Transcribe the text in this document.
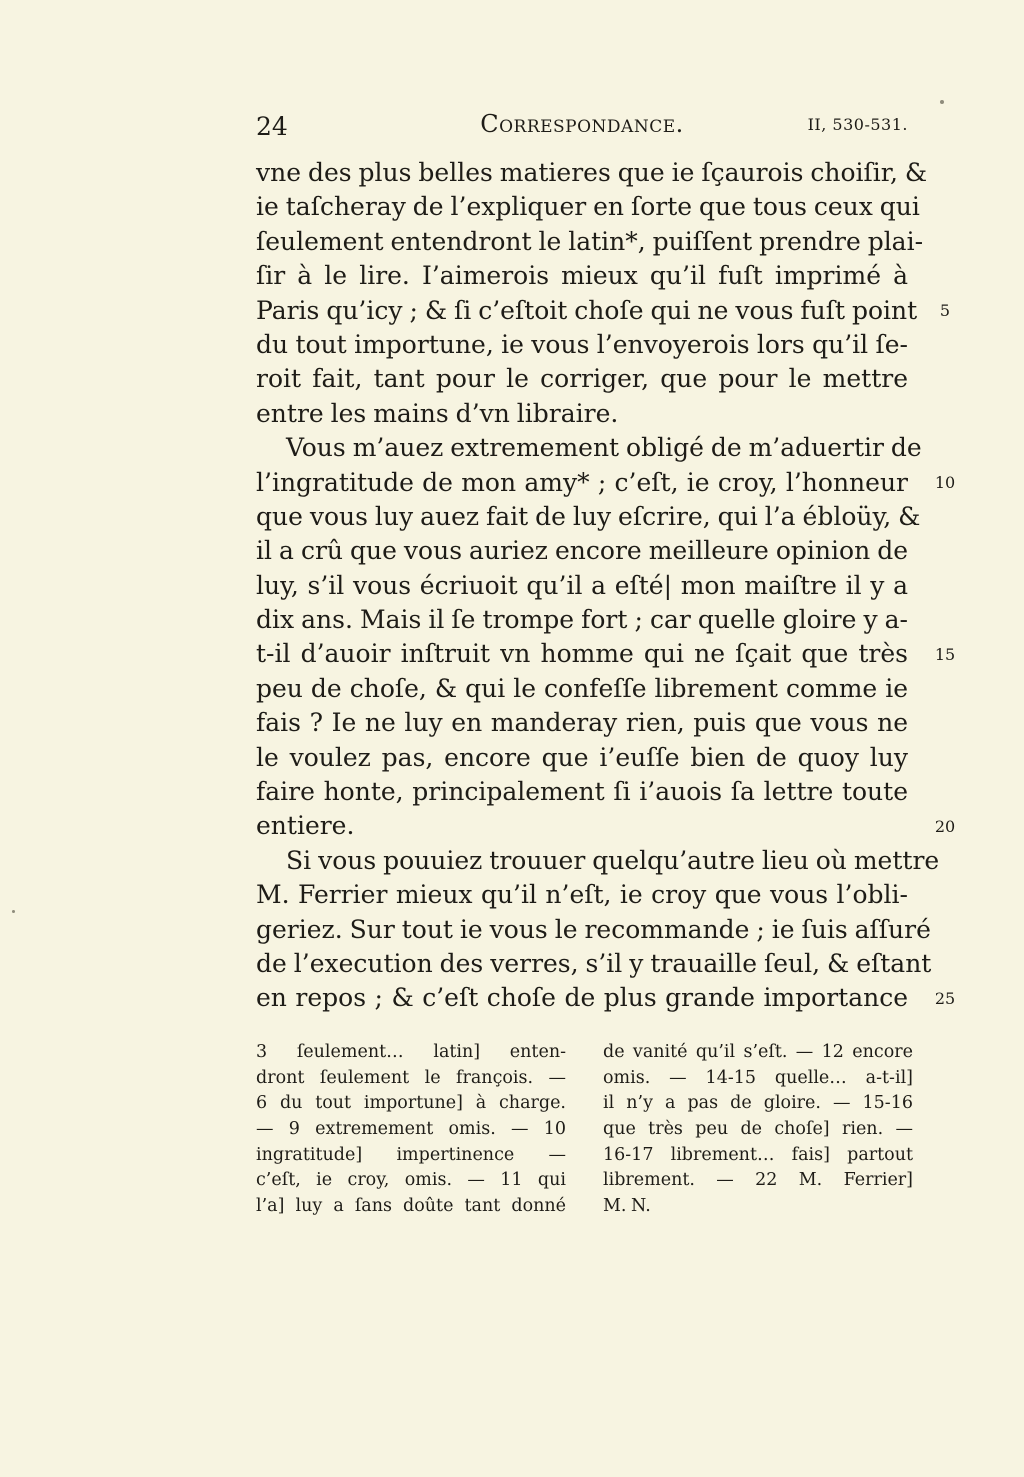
24	Correspondance.	II, 530-531.
vne des plus belles matieres que ie ſçaurois choiſir, &
ie taſcheray de l’expliquer en ſorte que tous ceux qui
ſeulement entendront le latin*, puiſſent prendre plai-
ſir à le lire. I’aimerois mieux qu’il fuſt imprimé à
Paris qu’icy ; & ſi c’eſtoit choſe qui ne vous fuſt point
du tout importune, ie vous l’envoyerois lors qu’il ſe-
roit fait, tant pour le corriger, que pour le mettre
entre les mains d’vn libraire.
Vous m’auez extremement obligé de m’aduertir de
l’ingratitude de mon amy* ; c’eſt, ie croy, l’honneur
que vous luy auez fait de luy eſcrire, qui l’a ébloüy, &
il a crû que vous auriez encore meilleure opinion de
luy, s’il vous écriuoit qu’il a eſté| mon maiſtre il y a
dix ans. Mais il ſe trompe fort ; car quelle gloire y a-
t-il d’auoir inſtruit vn homme qui ne ſçait que très
peu de choſe, & qui le confeſſe librement comme ie
fais ? Ie ne luy en manderay rien, puis que vous ne
le voulez pas, encore que i’euſſe bien de quoy luy
faire honte, principalement ſi i’auois ſa lettre toute
entiere.
Si vous pouuiez trouuer quelqu’autre lieu où mettre
M. Ferrier mieux qu’il n’eſt, ie croy que vous l’obli-
geriez. Sur tout ie vous le recommande ; ie ſuis aſſuré
de l’execution des verres, s’il y trauaille ſeul, & eſtant
en repos ; & c’eſt choſe de plus grande importance
5
10
15
20
25
3 ſeulement… latin] enten-
dront ſeulement le françois. —
6 du tout importune] à charge.
— 9 extremement omis. — 10
ingratitude] impertinence —
c’eſt, ie croy, omis. — 11 qui
l’a] luy a ſans doûte tant donné
de vanité qu’il s’eſt. — 12 encore
omis. — 14-15 quelle… a-t-il]
il n’y a pas de gloire. — 15-16
que très peu de choſe] rien. —
16-17 librement… fais] partout
librement. — 22 M. Ferrier]
M. N.
